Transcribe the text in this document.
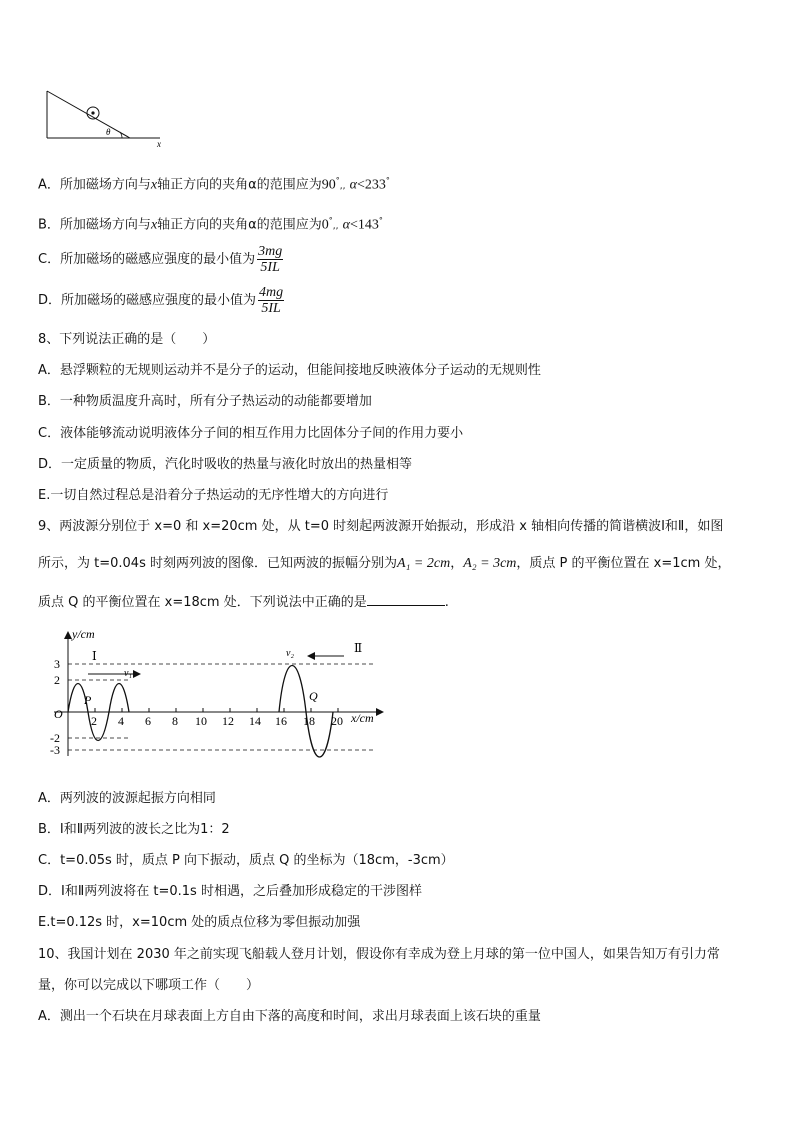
θ
x
A．所加磁场方向与x轴正方向的夹角α的范围应为90°,, α<233°
B．所加磁场方向与x轴正方向的夹角α的范围应为0°,, α<143°
C．所加磁场的磁感应强度的最小值为 $\frac{3mg}{5IL}$
D．所加磁场的磁感应强度的最小值为 $\frac{4mg}{5IL}$
8、下列说法正确的是（　　）
A．悬浮颗粒的无规则运动并不是分子的运动，但能间接地反映液体分子运动的无规则性
B．一种物质温度升高时，所有分子热运动的动能都要增加
C．液体能够流动说明液体分子间的相互作用力比固体分子间的作用力要小
D．一定质量的物质，汽化时吸收的热量与液化时放出的热量相等
E.一切自然过程总是沿着分子热运动的无序性增大的方向进行
9、两波源分别位于 x=0 和 x=20cm 处，从 t=0 时刻起两波源开始振动，形成沿 x 轴相向传播的简谐横波Ⅰ和Ⅱ，如图
所示，为 t=0.04s 时刻两列波的图像．已知两波的振幅分别为A₁ = 2cm，A₂ = 3cm，质点 P 的平衡位置在 x=1cm 处，
质点 Q 的平衡位置在 x=18cm 处．下列说法中正确的是	.
y/cm
x/cm
O
Ⅰ
Ⅱ
v₁
v₂
P	Q
3
2
-2
-3
2 4 6 8 10 12 14 16 18 20
A．两列波的波源起振方向相同
B．Ⅰ和Ⅱ两列波的波长之比为1：2
C．t=0.05s 时，质点 P 向下振动，质点 Q 的坐标为（18cm，-3cm）
D．Ⅰ和Ⅱ两列波将在 t=0.1s 时相遇，之后叠加形成稳定的干涉图样
E.t=0.12s 时，x=10cm 处的质点位移为零但振动加强
10、我国计划在 2030 年之前实现飞船载人登月计划，假设你有幸成为登上月球的第一位中国人，如果告知万有引力常
量，你可以完成以下哪项工作（　　）
A．测出一个石块在月球表面上方自由下落的高度和时间，求出月球表面上该石块的重量
